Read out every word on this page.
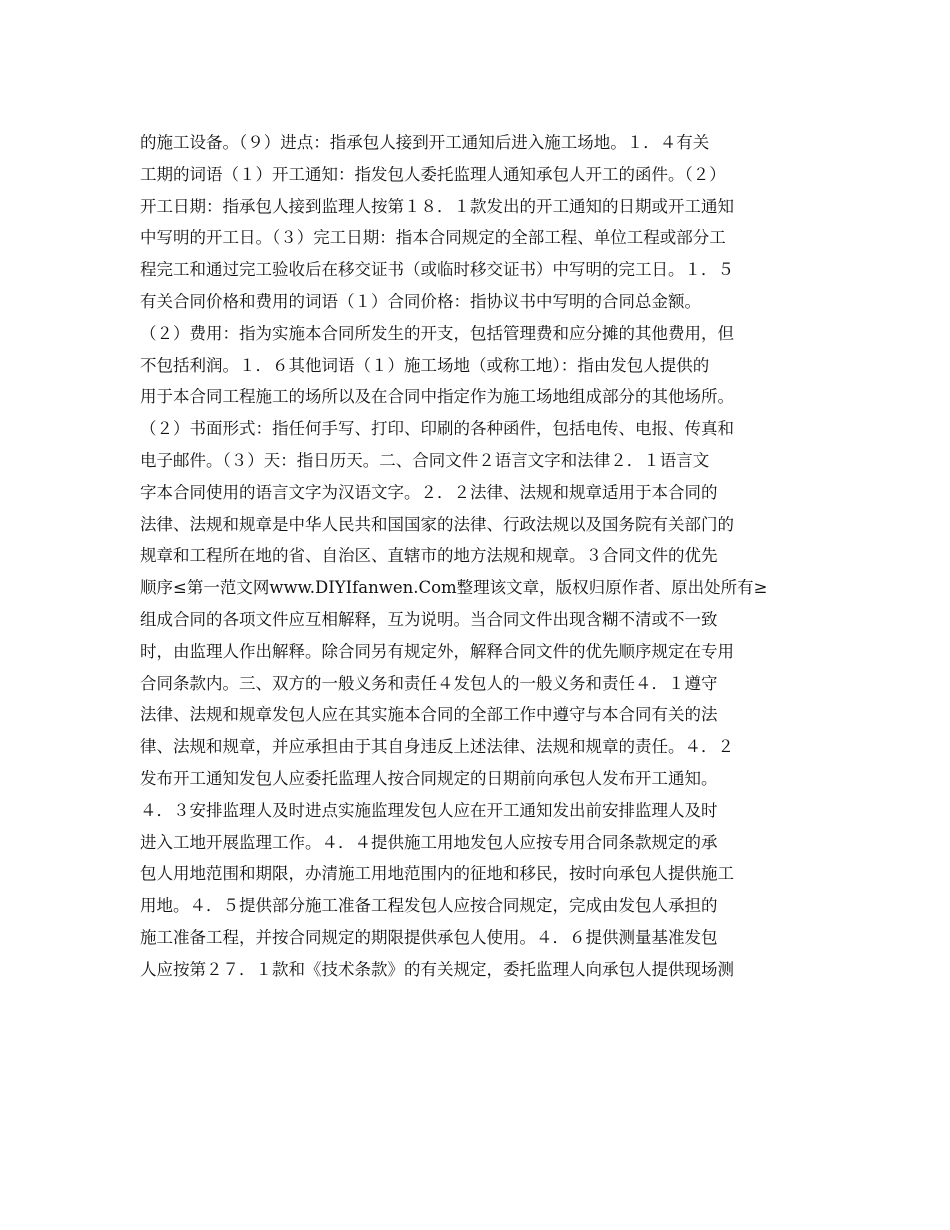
的施工设备。（９）进点：指承包人接到开工通知后进入施工场地。１．４有关
工期的词语（１）开工通知：指发包人委托监理人通知承包人开工的函件。（２）
开工日期：指承包人接到监理人按第１８．１款发出的开工通知的日期或开工通知
中写明的开工日。（３）完工日期：指本合同规定的全部工程、单位工程或部分工
程完工和通过完工验收后在移交证书（或临时移交证书）中写明的完工日。１．５
有关合同价格和费用的词语（１）合同价格：指协议书中写明的合同总金额。
（２）费用：指为实施本合同所发生的开支，包括管理费和应分摊的其他费用，但
不包括利润。１．６其他词语（１）施工场地（或称工地）：指由发包人提供的
用于本合同工程施工的场所以及在合同中指定作为施工场地组成部分的其他场所。
（２）书面形式：指任何手写、打印、印刷的各种函件，包括电传、电报、传真和
电子邮件。（３）天：指日历天。二、合同文件２语言文字和法律２．１语言文
字本合同使用的语言文字为汉语文字。２．２法律、法规和规章适用于本合同的
法律、法规和规章是中华人民共和国国家的法律、行政法规以及国务院有关部门的
规章和工程所在地的省、自治区、直辖市的地方法规和规章。３合同文件的优先
顺序≤第一范文网www.DIYIfanwen.Com整理该文章，版权归原作者、原出处所有≥
组成合同的各项文件应互相解释，互为说明。当合同文件出现含糊不清或不一致
时，由监理人作出解释。除合同另有规定外，解释合同文件的优先顺序规定在专用
合同条款内。三、双方的一般义务和责任４发包人的一般义务和责任４．１遵守
法律、法规和规章发包人应在其实施本合同的全部工作中遵守与本合同有关的法
律、法规和规章，并应承担由于其自身违反上述法律、法规和规章的责任。４．２
发布开工通知发包人应委托监理人按合同规定的日期前向承包人发布开工通知。
４．３安排监理人及时进点实施监理发包人应在开工通知发出前安排监理人及时
进入工地开展监理工作。４．４提供施工用地发包人应按专用合同条款规定的承
包人用地范围和期限，办清施工用地范围内的征地和移民，按时向承包人提供施工
用地。４．５提供部分施工准备工程发包人应按合同规定，完成由发包人承担的
施工准备工程，并按合同规定的期限提供承包人使用。４．６提供测量基准发包
人应按第２７．１款和《技术条款》的有关规定，委托监理人向承包人提供现场测
